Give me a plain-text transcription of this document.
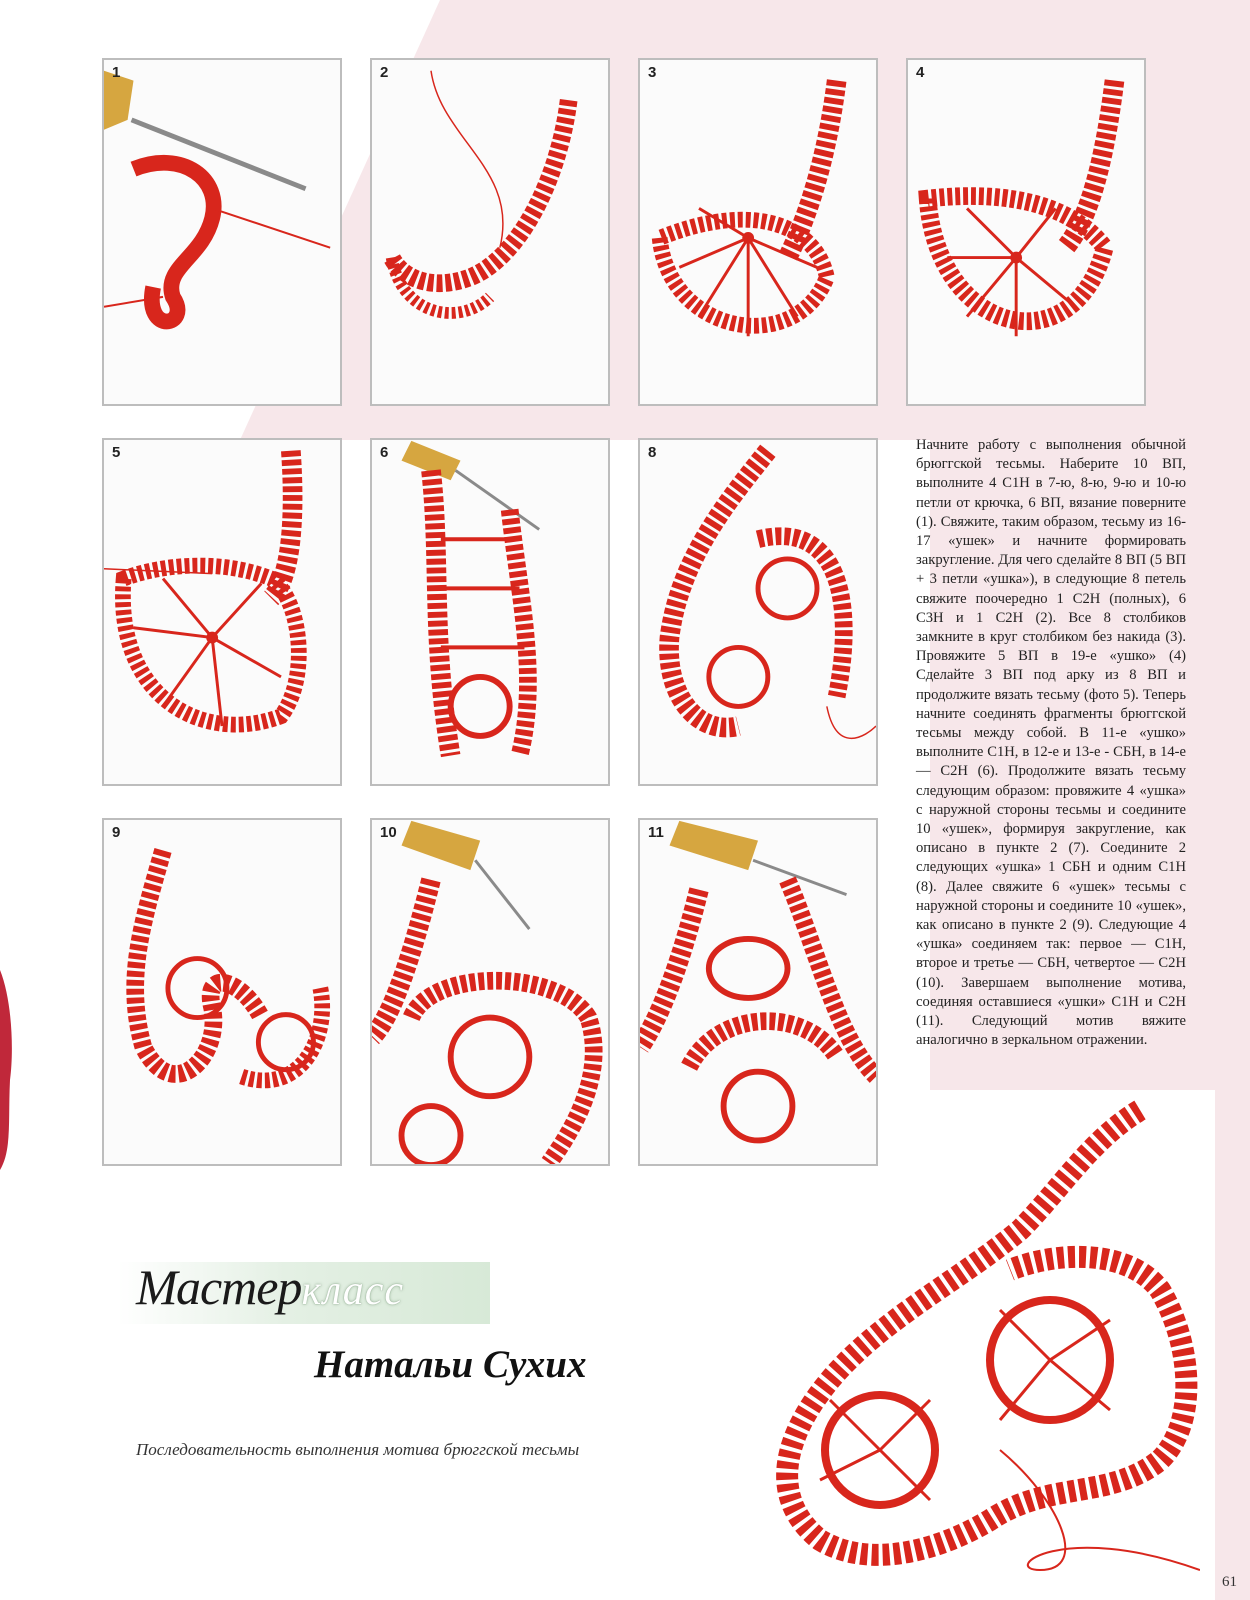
1	2	3	4
5	6	8
9	10	11
Начните работу с выполнения обычной брюггской тесьмы. Наберите 10 ВП, выполните 4 С1Н в 7-ю, 8-ю, 9-ю и 10-ю петли от крючка, 6 ВП, вязание поверните (1). Свяжите, таким образом, тесьму из 16-17 «ушек» и начните формировать закругление. Для чего сделайте 8 ВП (5 ВП + 3 петли «ушка»), в следующие 8 петель свяжите поочередно 1 С2Н (полных), 6 С3Н и 1 С2Н (2). Все 8 столбиков замкните в круг столбиком без накида (3). Провяжите 5 ВП в 19-е «ушко» (4) Сделайте 3 ВП под арку из 8 ВП и продолжите вязать тесьму (фото 5). Теперь начните соединять фрагменты брюггской тесьмы между собой. В 11-е «ушко» выполните С1Н, в 12-е и 13-е - СБН, в 14-е — С2Н (6). Продолжите вязать тесьму следующим образом: провяжите 4 «ушка» с наружной стороны тесьмы и соедините 10 «ушек», формируя закругление, как описано в пункте 2 (7). Соедините 2 следующих «ушка» 1 СБН и одним С1Н (8). Далее свяжите 6 «ушек» тесьмы с наружной стороны и соедините 10 «ушек», как описано в пункте 2 (9). Следующие 4 «ушка» соединяем так: первое — С1Н, второе и третье — СБН, четвертое — С2Н (10). Завершаем выполнение мотива, соединяя оставшиеся «ушки» С1Н и С2Н (11). Следующий мотив вяжите аналогично в зеркальном отражении.
Мастеркласс
Натальи Сухих
Последовательность выполнения мотива брюггской тесьмы
61
